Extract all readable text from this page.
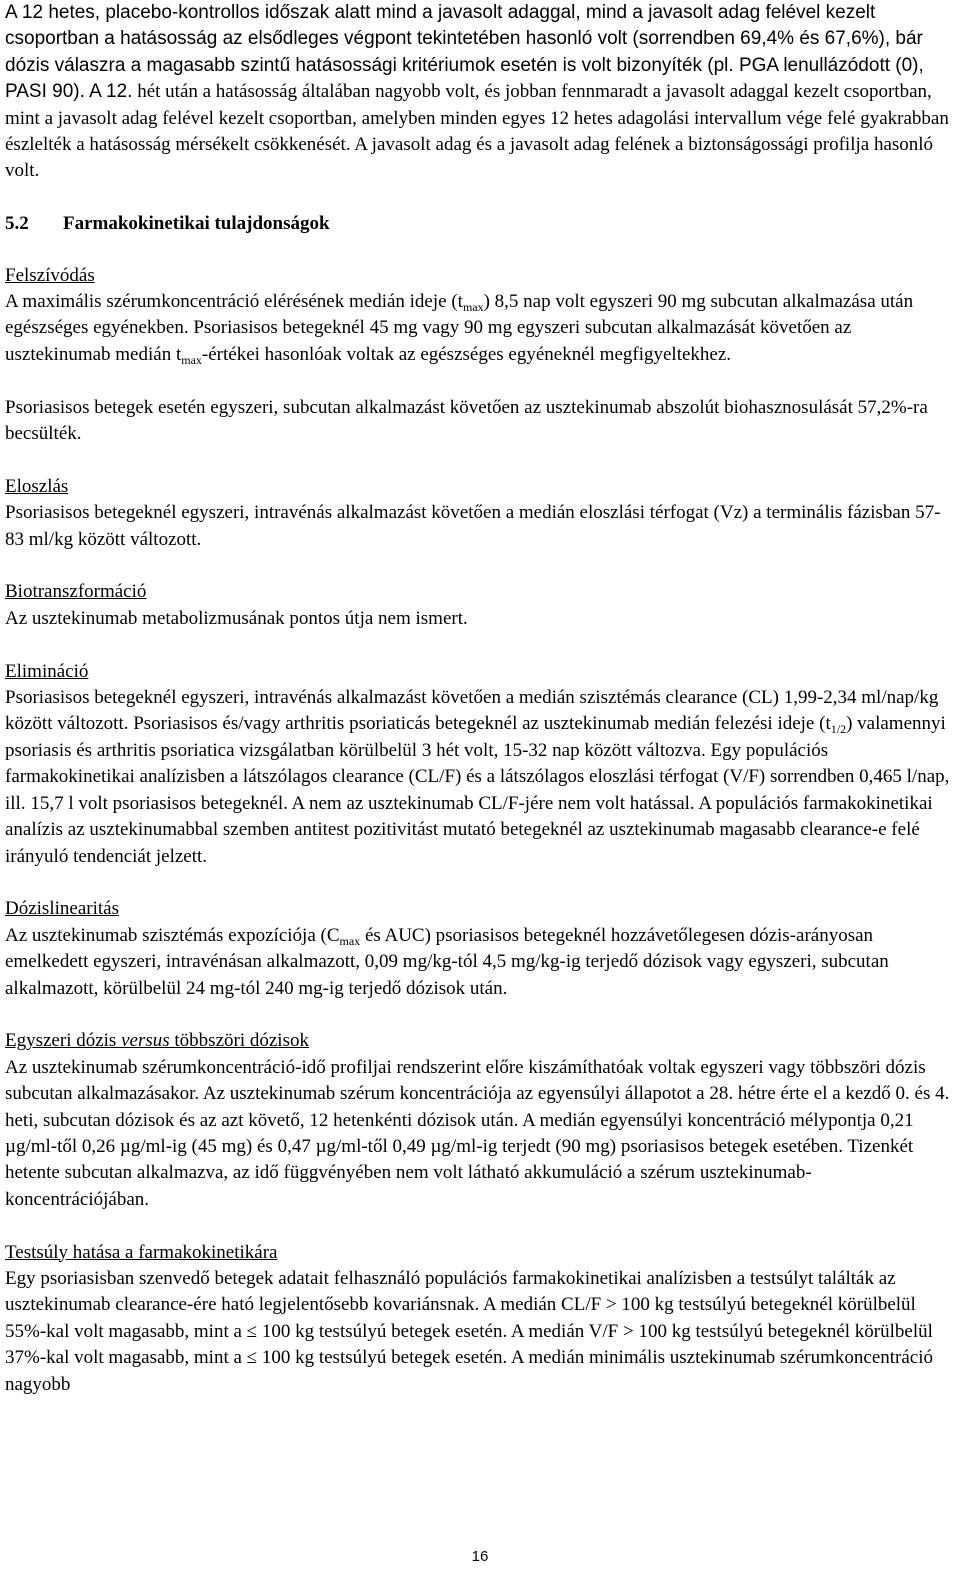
A 12 hetes, placebo-kontrollos időszak alatt mind a javasolt adaggal, mind a javasolt adag felével kezelt csoportban a hatásosság az elsődleges végpont tekintetében hasonló volt (sorrendben 69,4% és 67,6%), bár dózis válaszra a magasabb szintű hatásossági kritériumok esetén is volt bizonyíték (pl. PGA lenullázódott (0), PASI 90). A 12. hét után a hatásosság általában nagyobb volt, és jobban fennmaradt a javasolt adaggal kezelt csoportban, mint a javasolt adag felével kezelt csoportban, amelyben minden egyes 12 hetes adagolási intervallum vége felé gyakrabban észlelték a hatásosság mérsékelt csökkenését. A javasolt adag és a javasolt adag felének a biztonságossági profilja hasonló volt.

5.2 Farmakokinetikai tulajdonságok

Felszívódás

A maximális szérumkoncentráció elérésének medián ideje $(t_{max})$ 8,5 nap volt egyszeri 90 mg subcutan alkalmazása után egészséges egyénekben. Psoriasisos betegeknél 45 mg vagy 90 mg egyszeri subcutan alkalmazását követően az usztekinumab medián $t_{max}$-értékei hasonlóak voltak az egészséges egyéneknél megfigyeltekhez.

Psoriasisos betegek esetén egyszeri, subcutan alkalmazást követően az usztekinumab abszolút biohasznosulását 57,2%-ra becsülték.

Eloszlás

Psoriasisos betegeknél egyszeri, intravénás alkalmazást követően a medián eloszlási térfogat (Vz) a terminális fázisban 57-83 ml/kg között változott.

Biotranszformáció

Az usztekinumab metabolizmusának pontos útja nem ismert.

Elimináció

Psoriasisos betegeknél egyszeri, intravénás alkalmazást követően a medián szisztémás clearance (CL) 1,99-2,34 ml/nap/kg között változott. Psoriasisos és/vagy arthritis psoriaticás betegeknél az usztekinumab medián felezési ideje $(t_{1/2})$ valamennyi psoriasis és arthritis psoriatica vizsgálatban körülbelül 3 hét volt, 15-32 nap között változva. Egy populációs farmakokinetikai analízisben a látszólagos clearance (CL/F) és a látszólagos eloszlási térfogat (V/F) sorrendben 0,465 l/nap, ill. 15,7 l volt psoriasisos betegeknél. A nem az usztekinumab CL/F-jére nem volt hatással. A populációs farmakokinetikai analízis az usztekinumabbal szemben antitest pozitivitást mutató betegeknél az usztekinumab magasabb clearance-e felé irányuló tendenciát jelzett.

Dózislinearitás

Az usztekinumab szisztémás expozíciója ($C_{max}$ és AUC) psoriasisos betegeknél hozzávetőlegesen dózis-arányosan emelkedett egyszeri, intravénásan alkalmazott, 0,09 mg/kg-tól 4,5 mg/kg-ig terjedő dózisok vagy egyszeri, subcutan alkalmazott, körülbelül 24 mg-tól 240 mg-ig terjedő dózisok után.

Egyszeri dózis versus többszöri dózisok

Az usztekinumab szérumkoncentráció-idő profiljai rendszerint előre kiszámíthatóak voltak egyszeri vagy többszöri dózis subcutan alkalmazásakor. Az usztekinumab szérum koncentrációja az egyensúlyi állapotot a 28. hétre érte el a kezdő 0. és 4. heti, subcutan dózisok és az azt követő, 12 hetenkénti dózisok után. A medián egyensúlyi koncentráció mélypontja 0,21 µg/ml-től 0,26 µg/ml-ig (45 mg) és 0,47 µg/ml-től 0,49 µg/ml-ig terjedt (90 mg) psoriasisos betegek esetében. Tizenkét hetente subcutan alkalmazva, az idő függvényében nem volt látható akkumuláció a szérum usztekinumab-koncentrációjában.

Testsúly hatása a farmakokinetikára

Egy psoriasisban szenvedő betegek adatait felhasználó populációs farmakokinetikai analízisben a testsúlyt találták az usztekinumab clearance-ére ható legjelentősebb kovariánsnak. A medián CL/F > 100 kg testsúlyú betegeknél körülbelül 55%-kal volt magasabb, mint a ≤ 100 kg testsúlyú betegek esetén. A medián V/F > 100 kg testsúlyú betegeknél körülbelül 37%-kal volt magasabb, mint a ≤ 100 kg testsúlyú betegek esetén. A medián minimális usztekinumab szérumkoncentráció nagyobb

16
